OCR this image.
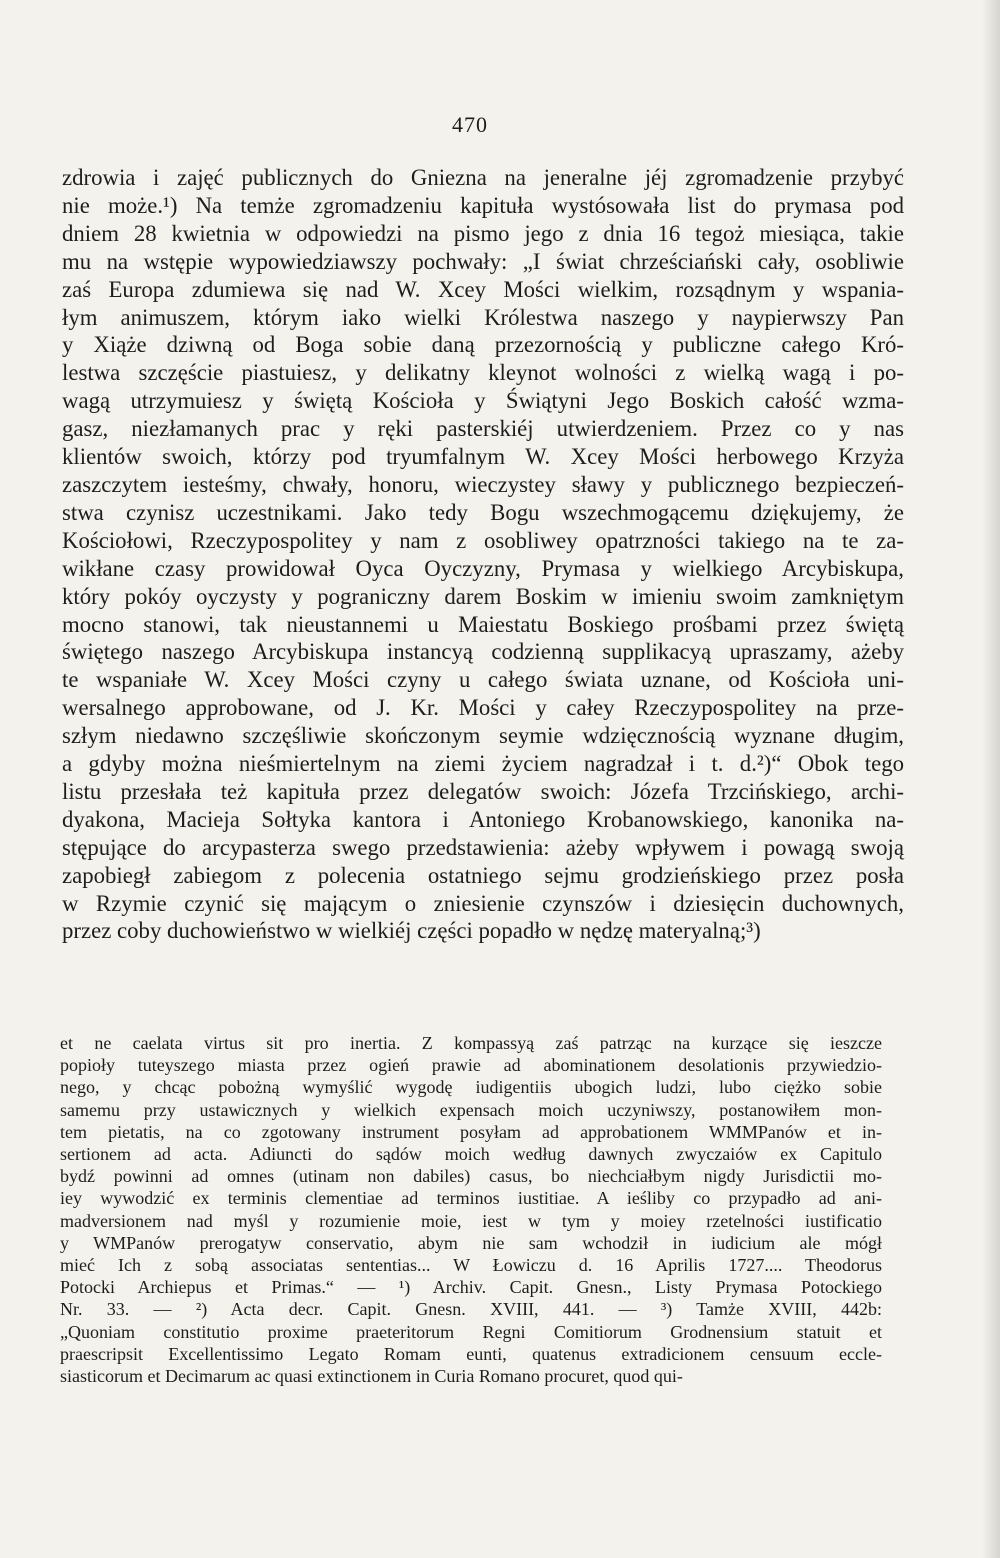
470
zdrowia i zajęć publicznych do Gniezna na jeneralne jéj zgromadzenie przybyć
nie może.¹) Na temże zgromadzeniu kapituła wystósowała list do prymasa pod
dniem 28 kwietnia w odpowiedzi na pismo jego z dnia 16 tegoż miesiąca, takie
mu na wstępie wypowiedziawszy pochwały: „I świat chrześciański cały, osobliwie
zaś Europa zdumiewa się nad W. Xcey Mości wielkim, rozsądnym y wspania-
łym animuszem, którym iako wielki Królestwa naszego y naypierwszy Pan
y Xiąże dziwną od Boga sobie daną przezornością y publiczne całego Kró-
lestwa szczęście piastuiesz, y delikatny kleynot wolności z wielką wagą i po-
wagą utrzymuiesz y świętą Kościoła y Świątyni Jego Boskich całość wzma-
gasz, niezłamanych prac y ręki pasterskiéj utwierdzeniem. Przez co y nas
klientów swoich, którzy pod tryumfalnym W. Xcey Mości herbowego Krzyża
zaszczytem iesteśmy, chwały, honoru, wieczystey sławy y publicznego bezpieczeń-
stwa czynisz uczestnikami. Jako tedy Bogu wszechmogącemu dziękujemy, że
Kościołowi, Rzeczypospolitey y nam z osobliwey opatrzności takiego na te za-
wikłane czasy prowidował Oyca Oyczyzny, Prymasa y wielkiego Arcybiskupa,
który pokóy oyczysty y pograniczny darem Boskim w imieniu swoim zamkniętym
mocno stanowi, tak nieustannemi u Maiestatu Boskiego prośbami przez świętą
świętego naszego Arcybiskupa instancyą codzienną supplikacyą upraszamy, ażeby
te wspaniałe W. Xcey Mości czyny u całego świata uznane, od Kościoła uni-
wersalnego approbowane, od J. Kr. Mości y całey Rzeczypospolitey na prze-
szłym niedawno szczęśliwie skończonym seymie wdzięcznością wyznane długim,
a gdyby można nieśmiertelnym na ziemi życiem nagradzał i t. d.²)“ Obok tego
listu przesłała też kapituła przez delegatów swoich: Józefa Trzcińskiego, archi-
dyakona, Macieja Sołtyka kantora i Antoniego Krobanowskiego, kanonika na-
stępujące do arcypasterza swego przedstawienia: ażeby wpływem i powagą swoją
zapobiegł zabiegom z polecenia ostatniego sejmu grodzieńskiego przez posła
w Rzymie czynić się mającym o zniesienie czynszów i dziesięcin duchownych,
przez coby duchowieństwo w wielkiéj części popadło w nędzę materyalną;³)
et ne caelata virtus sit pro inertia. Z kompassyą zaś patrząc na kurzące się ieszcze
popioły tuteyszego miasta przez ogień prawie ad abominationem desolationis przywiedzio-
nego, y chcąc pobożną wymyślić wygodę iudigentiis ubogich ludzi, lubo ciężko sobie
samemu przy ustawicznych y wielkich expensach moich uczyniwszy, postanowiłem mon-
tem pietatis, na co zgotowany instrument posyłam ad approbationem WMMPanów et in-
sertionem ad acta. Adiuncti do sądów moich według dawnych zwyczaiów ex Capitulo
bydź powinni ad omnes (utinam non dabiles) casus, bo niechciałbym nigdy Jurisdictii mo-
iey wywodzić ex terminis clementiae ad terminos iustitiae. A ieśliby co przypadło ad ani-
madversionem nad myśl y rozumienie moie, iest w tym y moiey rzetelności iustificatio
y WMPanów prerogatyw conservatio, abym nie sam wchodził in iudicium ale mógł
mieć Ich z sobą associatas sententias... W Łowiczu d. 16 Aprilis 1727.... Theodorus
Potocki Archiepus et Primas.“ — ¹) Archiv. Capit. Gnesn., Listy Prymasa Potockiego
Nr. 33. — ²) Acta decr. Capit. Gnesn. XVIII, 441. — ³) Tamże XVIII, 442b:
„Quoniam constitutio proxime praeteritorum Regni Comitiorum Grodnensium statuit et
praescripsit Excellentissimo Legato Romam eunti, quatenus extradicionem censuum eccle-
siasticorum et Decimarum ac quasi extinctionem in Curia Romano procuret, quod qui-
